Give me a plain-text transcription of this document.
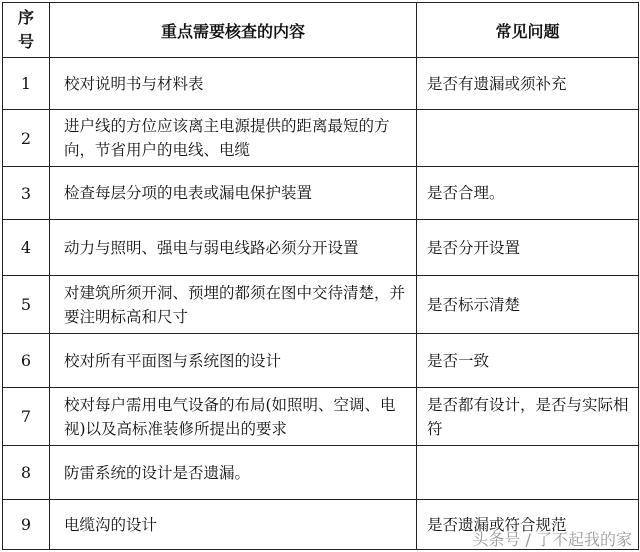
序号	重点需要核查的内容	常见问题
1	校对说明书与材料表	是否有遗漏或须补充
2	进户线的方位应该离主电源提供的距离最短的方向，节省用户的电线、电缆	
3	检查每层分项的电表或漏电保护装置	是否合理。
4	动力与照明、强电与弱电线路必须分开设置	是否分开设置
5	对建筑所须开洞、预埋的都须在图中交待清楚，并要注明标高和尺寸	是否标示清楚
6	校对所有平面图与系统图的设计	是否一致
7	校对每户需用电气设备的布局(如照明、空调、电视)以及高标准装修所提出的要求	是否都有设计，是否与实际相符
8	防雷系统的设计是否遗漏。	
9	电缆沟的设计	是否遗漏或符合规范
头条号 / 了不起我的家
